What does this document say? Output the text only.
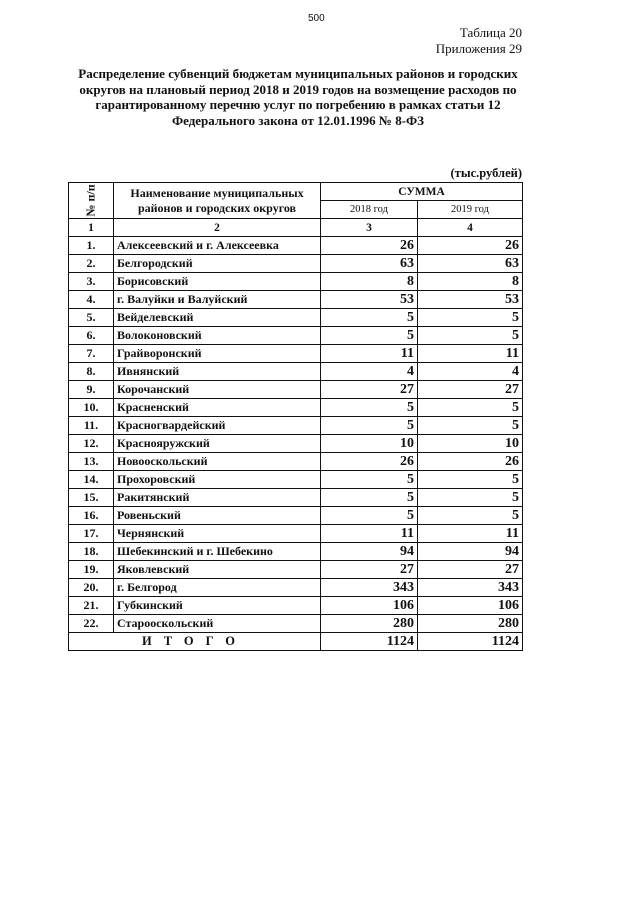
500
Таблица 20
Приложения 29
Распределение субвенций бюджетам муниципальных районов и городских округов на плановый период 2018 и 2019 годов на возмещение расходов по гарантированному перечню услуг по погребению в рамках статьи 12 Федерального закона от 12.01.1996 № 8-ФЗ
(тыс.рублей)
№ п/п	Наименование муниципальных районов и городских округов	СУММА	
		2018 год	2019 год
1	2	3	4
1.	Алексеевский и г. Алексеевка	26	26
2.	Белгородский	63	63
3.	Борисовский	8	8
4.	г. Валуйки и Валуйский	53	53
5.	Вейделевский	5	5
6.	Волоконовский	5	5
7.	Грайворонский	11	11
8.	Ивнянский	4	4
9.	Корочанский	27	27
10.	Красненский	5	5
11.	Красногвардейский	5	5
12.	Краснояружский	10	10
13.	Новооскольский	26	26
14.	Прохоровский	5	5
15.	Ракитянский	5	5
16.	Ровеньский	5	5
17.	Чернянский	11	11
18.	Шебекинский и г. Шебекино	94	94
19.	Яковлевский	27	27
20.	г. Белгород	343	343
21.	Губкинский	106	106
22.	Старооскольский	280	280
ИТОГО		1124	1124
